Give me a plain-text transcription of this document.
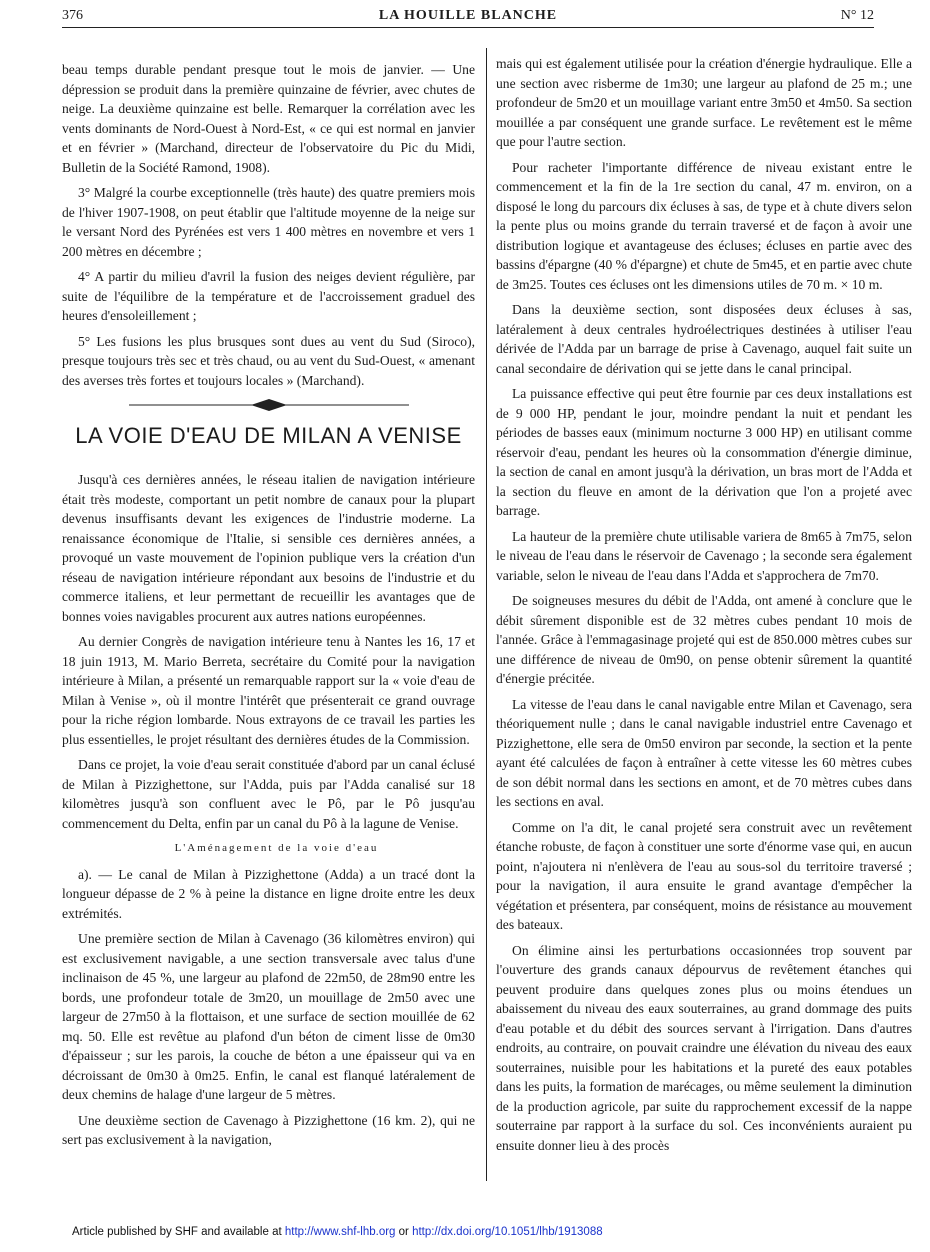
376	LA HOUILLE BLANCHE	N° 12

beau temps durable pendant presque tout le mois de janvier. — Une dépression se produit dans la première quinzaine de février, avec chutes de neige. La deuxième quinzaine est belle. Remarquer la corrélation avec les vents dominants de Nord-Ouest à Nord-Est, « ce qui est normal en janvier et en février » (Marchand, directeur de l'observatoire du Pic du Midi, Bulletin de la Société Ramond, 1908).

3° Malgré la courbe exceptionnelle (très haute) des quatre premiers mois de l'hiver 1907-1908, on peut établir que l'altitude moyenne de la neige sur le versant Nord des Pyrénées est vers 1 400 mètres en novembre et vers 1 200 mètres en décembre ;

4° A partir du milieu d'avril la fusion des neiges devient régulière, par suite de l'équilibre de la température et de l'accroissement graduel des heures d'ensoleillement ;

5° Les fusions les plus brusques sont dues au vent du Sud (Siroco), presque toujours très sec et très chaud, ou au vent du Sud-Ouest, « amenant des averses très fortes et toujours locales » (Marchand).

LA VOIE D'EAU DE MILAN A VENISE

Jusqu'à ces dernières années, le réseau italien de navigation intérieure était très modeste, comportant un petit nombre de canaux pour la plupart devenus insuffisants devant les exigences de l'industrie moderne. La renaissance économique de l'Italie, si sensible ces dernières années, a provoqué un vaste mouvement de l'opinion publique vers la création d'un réseau de navigation intérieure répondant aux besoins de l'industrie et du commerce italiens, et leur permettant de recueillir les avantages que de bonnes voies navigables procurent aux autres nations européennes.

Au dernier Congrès de navigation intérieure tenu à Nantes les 16, 17 et 18 juin 1913, M. Mario Berreta, secrétaire du Comité pour la navigation intérieure à Milan, a présenté un remarquable rapport sur la « voie d'eau de Milan à Venise », où il montre l'intérêt que présenterait ce grand ouvrage pour la riche région lombarde. Nous extrayons de ce travail les parties les plus essentielles, le projet résultant des dernières études de la Commission.

Dans ce projet, la voie d'eau serait constituée d'abord par un canal éclusé de Milan à Pizzighettone, sur l'Adda, puis par l'Adda canalisé sur 18 kilomètres jusqu'à son confluent avec le Pô, par le Pô jusqu'au commencement du Delta, enfin par un canal du Pô à la lagune de Venise.

L'Aménagement de la voie d'eau

a). — Le canal de Milan à Pizzighettone (Adda) a un tracé dont la longueur dépasse de 2 % à peine la distance en ligne droite entre les deux extrémités.

Une première section de Milan à Cavenago (36 kilomètres environ) qui est exclusivement navigable, a une section transversale avec talus d'une inclinaison de 45 %, une largeur au plafond de 22m50, de 28m90 entre les bords, une profondeur totale de 3m20, un mouillage de 2m50 avec une largeur de 27m50 à la flottaison, et une surface de section mouillée de 62 mq. 50. Elle est revêtue au plafond d'un béton de ciment lisse de 0m30 d'épaisseur ; sur les parois, la couche de béton a une épaisseur qui va en décroissant de 0m30 à 0m25. Enfin, le canal est flanqué latéralement de deux chemins de halage d'une largeur de 5 mètres.

Une deuxième section de Cavenago à Pizzighettone (16 km. 2), qui ne sert pas exclusivement à la navigation,

mais qui est également utilisée pour la création d'énergie hydraulique. Elle a une section avec risberme de 1m30; une largeur au plafond de 25 m.; une profondeur de 5m20 et un mouillage variant entre 3m50 et 4m50. Sa section mouillée a par conséquent une grande surface. Le revêtement est le même que pour l'autre section.

Pour racheter l'importante différence de niveau existant entre le commencement et la fin de la 1re section du canal, 47 m. environ, on a disposé le long du parcours dix écluses à sas, de type et à chute divers selon la pente plus ou moins grande du terrain traversé et de façon à avoir une distribution logique et avantageuse des écluses; écluses en partie avec des bassins d'épargne (40 % d'épargne) et chute de 5m45, et en partie avec chute de 3m25. Toutes ces écluses ont les dimensions utiles de 70 m. × 10 m.

Dans la deuxième section, sont disposées deux écluses à sas, latéralement à deux centrales hydroélectriques destinées à utiliser l'eau dérivée de l'Adda par un barrage de prise à Cavenago, auquel fait suite un canal secondaire de dérivation qui se jette dans le canal principal.

La puissance effective qui peut être fournie par ces deux installations est de 9 000 HP, pendant le jour, moindre pendant la nuit et pendant les périodes de basses eaux (minimum nocturne 3 000 HP) en utilisant comme réservoir d'eau, pendant les heures où la consommation d'énergie diminue, la section de canal en amont jusqu'à la dérivation, un bras mort de l'Adda et la section du fleuve en amont de la dérivation que l'on a projeté avec barrage.

La hauteur de la première chute utilisable variera de 8m65 à 7m75, selon le niveau de l'eau dans le réservoir de Cavenago ; la seconde sera également variable, selon le niveau de l'eau dans l'Adda et s'approchera de 7m70.

De soigneuses mesures du débit de l'Adda, ont amené à conclure que le débit sûrement disponible est de 32 mètres cubes pendant 10 mois de l'année. Grâce à l'emmagasinage projeté qui est de 850.000 mètres cubes sur une différence de niveau de 0m90, on pense obtenir sûrement la quantité d'énergie précitée.

La vitesse de l'eau dans le canal navigable entre Milan et Cavenago, sera théoriquement nulle ; dans le canal navigable industriel entre Cavenago et Pizzighettone, elle sera de 0m50 environ par seconde, la section et la pente ayant été calculées de façon à entraîner à cette vitesse les 60 mètres cubes de son débit normal dans les sections en amont, et de 70 mètres cubes dans les sections en aval.

Comme on l'a dit, le canal projeté sera construit avec un revêtement étanche robuste, de façon à constituer une sorte d'énorme vase qui, en aucun point, n'ajoutera ni n'enlèvera de l'eau au sous-sol du territoire traversé ; pour la navigation, il aura ensuite le grand avantage d'empêcher la végétation et présentera, par conséquent, moins de résistance au mouvement des bateaux.

On élimine ainsi les perturbations occasionnées trop souvent par l'ouverture des grands canaux dépourvus de revêtement étanches qui peuvent produire dans quelques zones plus ou moins étendues un abaissement du niveau des eaux souterraines, au grand dommage des puits d'eau potable et du débit des sources servant à l'irrigation. Dans d'autres endroits, au contraire, on pouvait craindre une élévation du niveau des eaux souterraines, nuisible pour les habitations et la pureté des eaux potables dans les puits, la formation de marécages, ou même seulement la diminution de la production agricole, par suite du rapprochement excessif de la nappe souterraine par rapport à la surface du sol. Ces inconvénients auraient pu ensuite donner lieu à des procès

Article published by SHF and available at http://www.shf-lhb.org or http://dx.doi.org/10.1051/lhb/1913088
